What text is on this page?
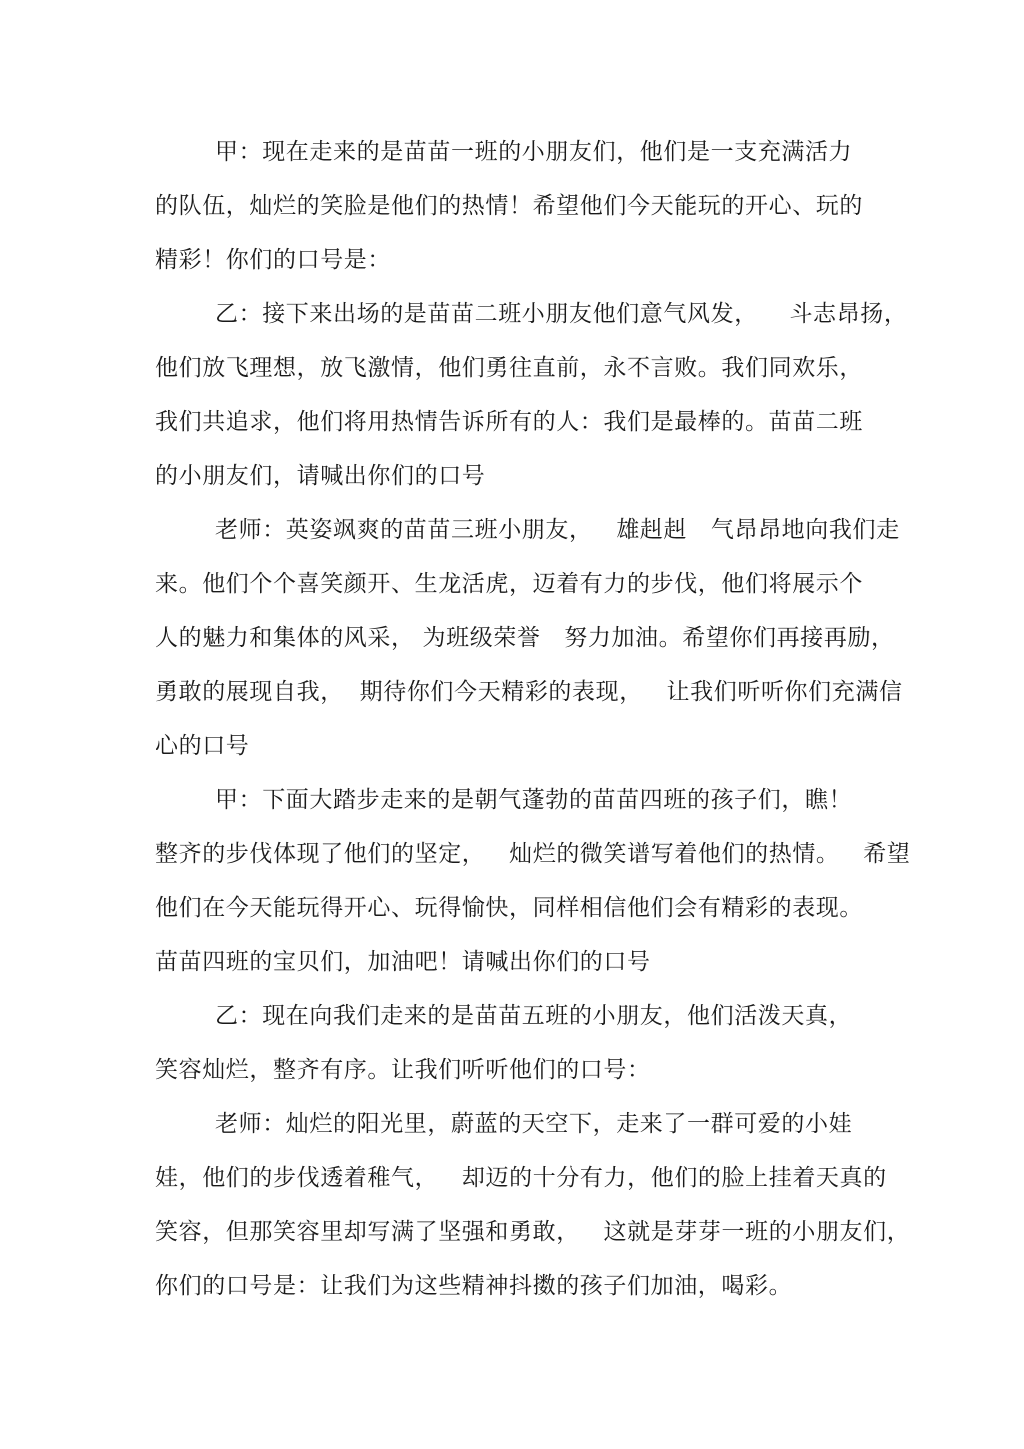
甲：现在走来的是苗苗一班的小朋友们，他们是一支充满活力
的队伍，灿烂的笑脸是他们的热情！希望他们今天能玩的开心、玩的
精彩！你们的口号是：
乙：接下来出场的是苗苗二班小朋友他们意气风发，    斗志昂扬，
他们放飞理想，放飞激情，他们勇往直前，永不言败。我们同欢乐，
我们共追求，他们将用热情告诉所有的人：我们是最棒的。苗苗二班
的小朋友们，请喊出你们的口号
老师：英姿飒爽的苗苗三班小朋友，   雄赳赳   气昂昂地向我们走
来。他们个个喜笑颜开、生龙活虎，迈着有力的步伐，他们将展示个
人的魅力和集体的风采， 为班级荣誉   努力加油。希望你们再接再励，
勇敢的展现自我，  期待你们今天精彩的表现，   让我们听听你们充满信
心的口号
甲：下面大踏步走来的是朝气蓬勃的苗苗四班的孩子们，瞧！
整齐的步伐体现了他们的坚定，   灿烂的微笑谱写着他们的热情。   希望
他们在今天能玩得开心、玩得愉快，同样相信他们会有精彩的表现。
苗苗四班的宝贝们，加油吧！请喊出你们的口号
乙：现在向我们走来的是苗苗五班的小朋友，他们活泼天真，
笑容灿烂，整齐有序。让我们听听他们的口号：
老师：灿烂的阳光里，蔚蓝的天空下，走来了一群可爱的小娃
娃，他们的步伐透着稚气，   却迈的十分有力，他们的脸上挂着天真的
笑容，但那笑容里却写满了坚强和勇敢，   这就是芽芽一班的小朋友们，
你们的口号是：让我们为这些精神抖擞的孩子们加油，喝彩。
